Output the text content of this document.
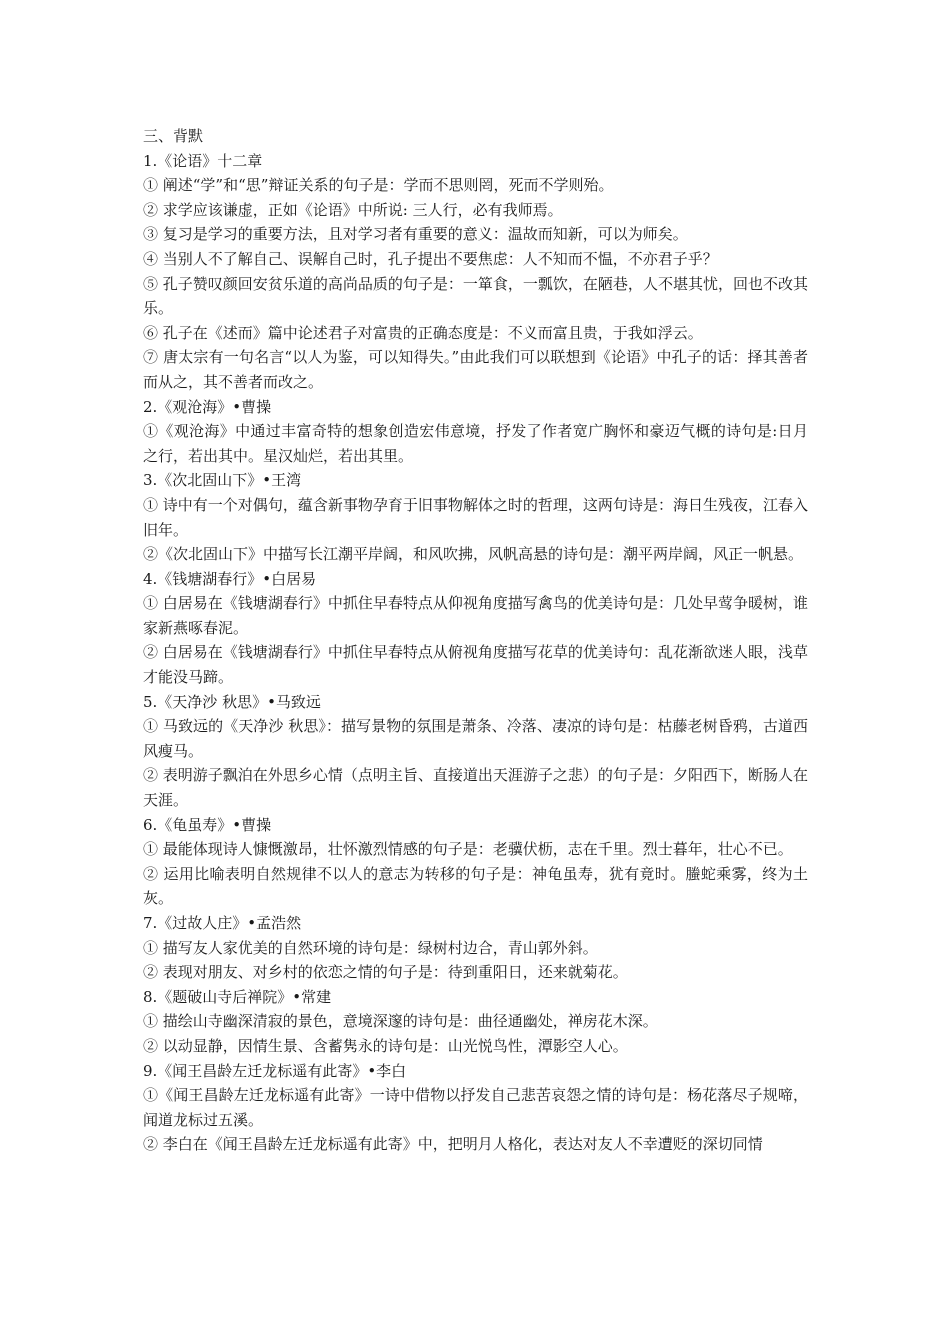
三、背默
1.《论语》十二章
① 阐述“学”和“思”辩证关系的句子是：学而不思则罔，死而不学则殆。
② 求学应该谦虚，正如《论语》中所说: 三人行，必有我师焉。
③ 复习是学习的重要方法，且对学习者有重要的意义：温故而知新，可以为师矣。
④ 当别人不了解自己、误解自己时，孔子提出不要焦虑：人不知而不愠，不亦君子乎？
⑤ 孔子赞叹颜回安贫乐道的高尚品质的句子是：一箪食，一瓢饮，在陋巷，人不堪其忧，回也不改其乐。
⑥ 孔子在《述而》篇中论述君子对富贵的正确态度是：不义而富且贵，于我如浮云。
⑦ 唐太宗有一句名言“以人为鉴，可以知得失。”由此我们可以联想到《论语》中孔子的话：择其善者而从之，其不善者而改之。
2.《观沧海》•曹操
①《观沧海》中通过丰富奇特的想象创造宏伟意境，抒发了作者宽广胸怀和豪迈气概的诗句是:日月之行，若出其中。星汉灿烂，若出其里。
3.《次北固山下》•王湾
① 诗中有一个对偶句，蕴含新事物孕育于旧事物解体之时的哲理，这两句诗是：海日生残夜，江春入旧年。
②《次北固山下》中描写长江潮平岸阔，和风吹拂，风帆高悬的诗句是：潮平两岸阔，风正一帆悬。
4.《钱塘湖春行》•白居易
① 白居易在《钱塘湖春行》中抓住早春特点从仰视角度描写禽鸟的优美诗句是：几处早莺争暖树，谁家新燕啄春泥。
② 白居易在《钱塘湖春行》中抓住早春特点从俯视角度描写花草的优美诗句：乱花渐欲迷人眼，浅草才能没马蹄。
5.《天净沙 秋思》•马致远
① 马致远的《天净沙 秋思》：描写景物的氛围是萧条、冷落、凄凉的诗句是：枯藤老树昏鸦，古道西风瘦马。
② 表明游子飘泊在外思乡心情（点明主旨、直接道出天涯游子之悲）的句子是：夕阳西下，断肠人在天涯。
6.《龟虽寿》•曹操
① 最能体现诗人慷慨激昂，壮怀激烈情感的句子是：老骥伏枥，志在千里。烈士暮年，壮心不已。
② 运用比喻表明自然规律不以人的意志为转移的句子是：神龟虽寿，犹有竟时。螣蛇乘雾，终为土灰。
7.《过故人庄》•孟浩然
① 描写友人家优美的自然环境的诗句是：绿树村边合，青山郭外斜。
② 表现对朋友、对乡村的依恋之情的句子是：待到重阳日，还来就菊花。
8.《题破山寺后禅院》•常建
① 描绘山寺幽深清寂的景色，意境深邃的诗句是：曲径通幽处，禅房花木深。
② 以动显静，因情生景、含蓄隽永的诗句是：山光悦鸟性，潭影空人心。
9.《闻王昌龄左迁龙标遥有此寄》•李白
①《闻王昌龄左迁龙标遥有此寄》一诗中借物以抒发自己悲苦哀怨之情的诗句是：杨花落尽子规啼，闻道龙标过五溪。
② 李白在《闻王昌龄左迁龙标遥有此寄》中，把明月人格化，表达对友人不幸遭贬的深切同情
